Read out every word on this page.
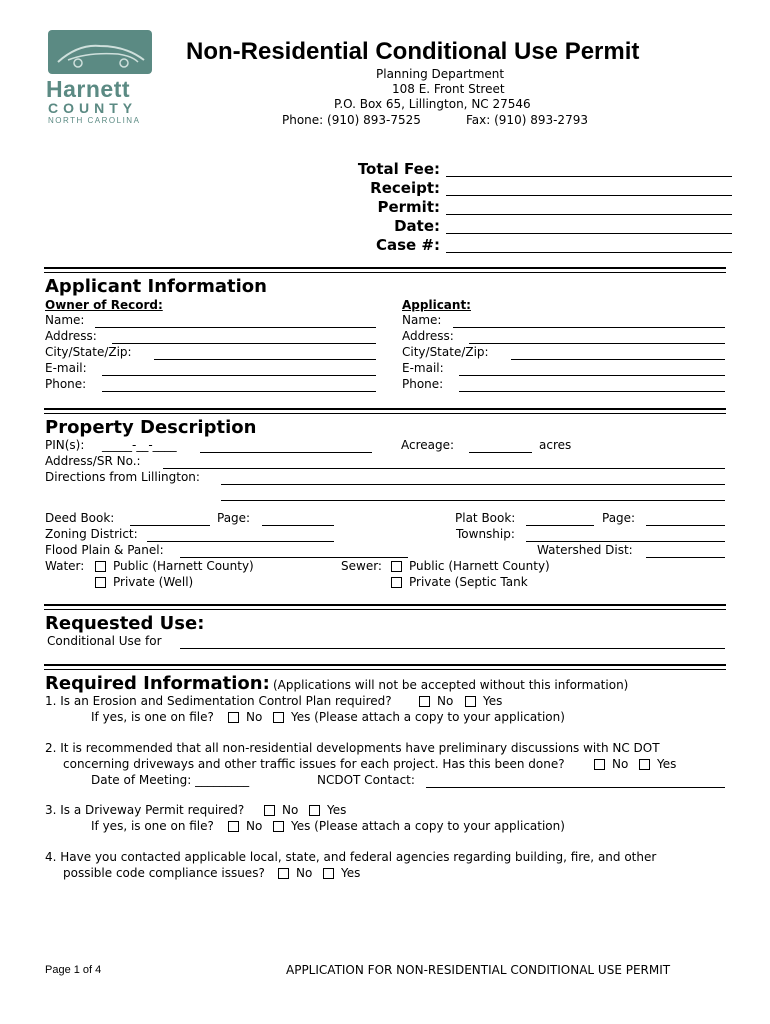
Harnett
COUNTY
NORTH CAROLINA
Non-Residential Conditional Use Permit
Planning Department
108 E. Front Street
P.O. Box 65, Lillington, NC 27546
Phone: (910) 893-7525	Fax: (910) 893-2793
Total Fee:
Receipt:
Permit:
Date:
Case #:
Applicant Information
Owner of Record:	Applicant:
Name:
Address:
City/State/Zip:
E-mail:
Phone:
Name:
Address:
City/State/Zip:
E-mail:
Phone:
Property Description
PIN(s): _____-__-____	Acreage:	acres
Address/SR No.:
Directions from Lillington:
Deed Book:	Page:	Plat Book:	Page:
Zoning District:	Township:
Flood Plain & Panel:	Watershed Dist:
Water: Public (Harnett County)
Private (Well)
Sewer: Public (Harnett County)
Private (Septic Tank
Requested Use:
Conditional Use for
Required Information: (Applications will not be accepted without this information)
1. Is an Erosion and Sedimentation Control Plan required?	No Yes
If yes, is one on file?	No Yes (Please attach a copy to your application)
2. It is recommended that all non-residential developments have preliminary discussions with NC DOT
concerning driveways and other traffic issues for each project. Has this been done?	No Yes
Date of Meeting: _________	NCDOT Contact:
3. Is a Driveway Permit required?	No Yes
If yes, is one on file?	No Yes (Please attach a copy to your application)
4. Have you contacted applicable local, state, and federal agencies regarding building, fire, and other
possible code compliance issues?	No Yes
Page 1 of 4	APPLICATION FOR NON-RESIDENTIAL CONDITIONAL USE PERMIT
